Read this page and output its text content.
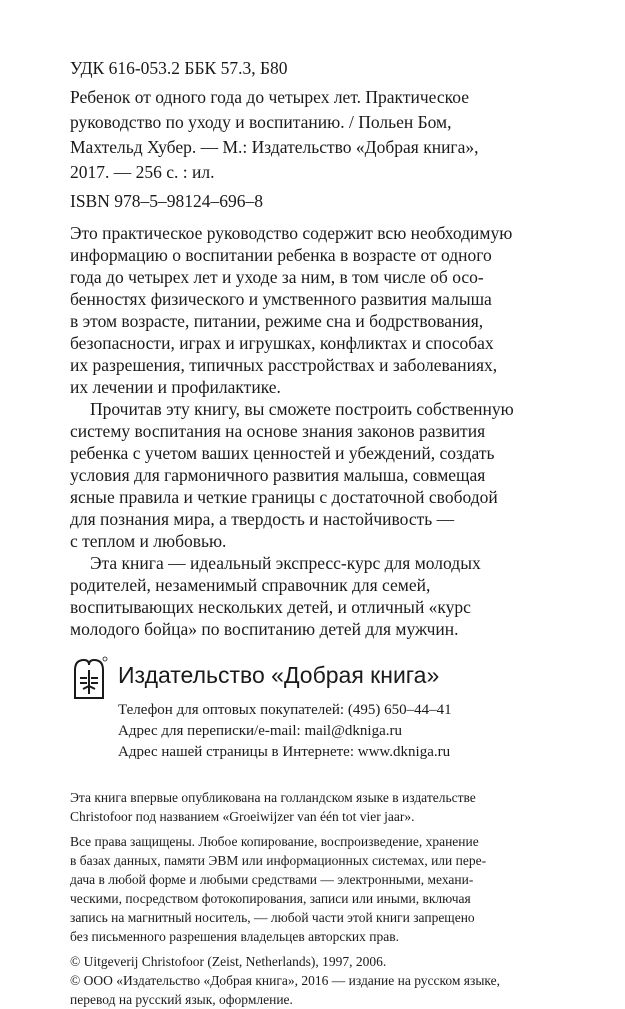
УДК 616-053.2 ББК 57.3, Б80
Ребенок от одного года до четырех лет. Практическое
руководство по уходу и воспитанию. / Польен Бом,
Махтельд Хубер. — М.: Издательство «Добрая книга»,
2017. — 256 с. : ил.
ISBN 978–5–98124–696–8
Это практическое руководство содержит всю необходимую
информацию о воспитании ребенка в возрасте от одного
года до четырех лет и уходе за ним, в том числе об осо-
бенностях физического и умственного развития малыша
в этом возрасте, питании, режиме сна и бодрствования,
безопасности, играх и игрушках, конфликтах и способах
их разрешения, типичных расстройствах и заболеваниях,
их лечении и профилактике.
Прочитав эту книгу, вы сможете построить собственную
систему воспитания на основе знания законов развития
ребенка с учетом ваших ценностей и убеждений, создать
условия для гармоничного развития малыша, совмещая
ясные правила и четкие границы с достаточной свободой
для познания мира, а твердость и настойчивость —
с теплом и любовью.
Эта книга — идеальный экспресс-курс для молодых
родителей, незаменимый справочник для семей,
воспитывающих нескольких детей, и отличный «курс
молодого бойца» по воспитанию детей для мужчин.
Издательство «Добрая книга»
Телефон для оптовых покупателей: (495) 650–44–41
Адрес для переписки/e-mail: mail@dkniga.ru
Адрес нашей страницы в Интернете: www.dkniga.ru
Эта книга впервые опубликована на голландском языке в издательстве
Christofoor под названием «Groeiwijzer van één tot vier jaar».
Все права защищены. Любое копирование, воспроизведение, хранение
в базах данных, памяти ЭВМ или информационных системах, или пере-
дача в любой форме и любыми средствами — электронными, механи-
ческими, посредством фотокопирования, записи или иными, включая
запись на магнитный носитель, — любой части этой книги запрещено
без письменного разрешения владельцев авторских прав.
© Uitgeverij Christofoor (Zeist, Netherlands), 1997, 2006.
© ООО «Издательство «Добрая книга», 2016 — издание на русском языке,
перевод на русский язык, оформление.
